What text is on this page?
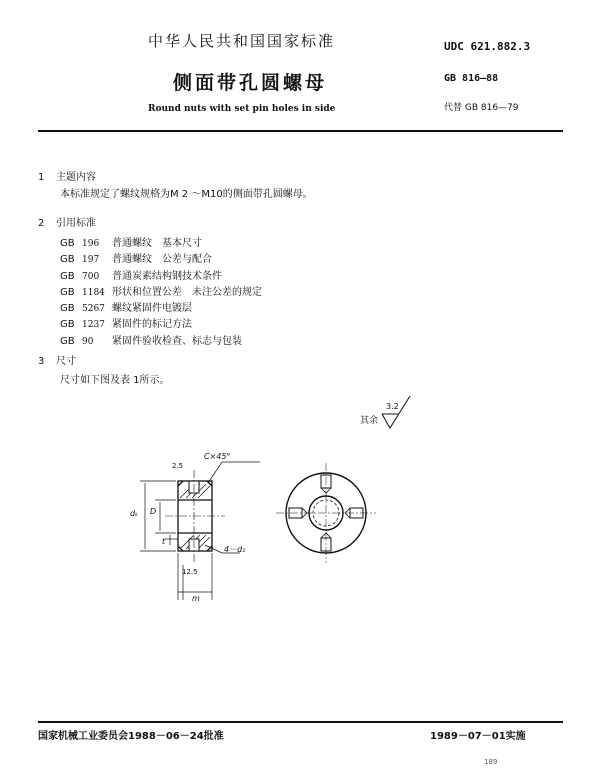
中华人民共和国国家标准
侧面带孔圆螺母
Round nuts with set pin holes in side
UDC 621.882.3
GB 816—88
代替 GB 816—79
1 主题内容
本标准规定了螺纹规格为M 2 ～M10的侧面带孔圆螺母。
2 引用标准
GB 196 普通螺纹　基本尺寸
GB 197 普通螺纹　公差与配合
GB 700 普通炭素结构钢技术条件
GB 1184 形状和位置公差　未注公差的规定
GB 5267 螺纹紧固件电镀层
GB 1237 紧固件的标记方法
GB 90 紧固件验收检查、标志与包装
3 尺寸
尺寸如下图及表 1所示。
其余
3.2
C×45°
dₖ D
t
4－d₁
m
12.5
2.5
国家机械工业委员会1988－06－24批准	1989－07－01实施
189
